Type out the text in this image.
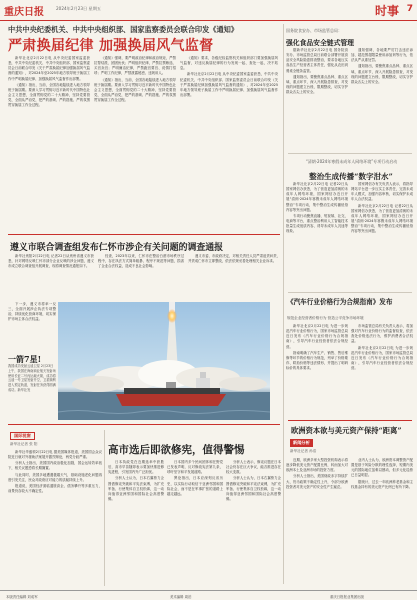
重庆日报	2024年2月23日 星期五	时事 7
中共中央纪委机关、中共中央组织部、国家监察委员会联合印发《通知》
严肃换届纪律 加强换届风气监督

新华社北京2月22日电 从中央纪委国家监委获悉，中共中央纪委机关、中共中央组织部、国家监察委员会日前联合印发《关于严肃换届纪律加强换届风气监督的通知》，对2024年至2025年地方领导班子换届工作中严明换届纪律、加强换届风气监督作出部署。

《通知》指出，当前，全国各地陆续进入地方领导班子换届期。要深入学习贯彻习近平新时代中国特色社会主义思想，全面贯彻党的二十大精神，坚持党要管党、全面从严治党，把严的基调、严的措施、严的氛围贯穿换届工作全过程。

《通知》强调，要严明政治纪律和政治规矩，严禁拉帮结派、团团伙伙；严明组织纪律，严禁拉票贿选、买官卖官；严明廉洁纪律，严禁跑官要官、说情打招呼；严明工作纪律，严禁泄露秘密、违规用人。

《通知》指出，当前，全国各地陆续进入地方领导班子换届期。要深入学习贯彻习近平新时代中国特色社会主义思想，全面贯彻党的二十大精神，坚持党要管党、全面从严治党，把严的基调、严的措施、严的氛围贯穿换届工作全过程。

《通知》要求，各级纪检监察机关和组织部门要加强换届风气监督，对违反换届纪律的行为发现一起、查处一起，决不姑息。

新华社北京2月22日电 从中央纪委国家监委获悉，中共中央纪委机关、中共中央组织部、国家监察委员会日前联合印发《关于严肃换届纪律加强换届风气监督的通知》，对2024年至2025年地方领导班子换届工作中严明换届纪律、加强换届风气监督作出部署。

国务院食安办、市场监管总局：
强化食品安全链式管理

据新华社北京2月22日电 国务院食安办、市场监管总局日前联合部署开展食品安全风险隐患排查整治，要求各地压实食品生产经营者主体责任，强化从农田到餐桌全链条监管。

通知指出，要聚焦重点品种、重点区域、重点环节，深入开展隐患排查，对发现的问题建立台账、限期整改，切实守护群众舌尖上的安全。

通知强调，各地要严厉打击违法添加、超范围超限量使用添加剂等行为，依法从严从重处罚。

通知指出，要聚焦重点品种、重点区域、重点环节，深入开展隐患排查，对发现的问题建立台账、限期整改，切实守护群众舌尖上的安全。

“清朗·2024年寒假未成年人网络环境”专项行动启动
整治生成传播“数字泔水”

新华社北京2月22日电 记者22日从国家网信办获悉，为了营造更加清朗的未成年人网络环境，国家网信办近日开展“清朗·2024年寒假未成年人网络环境整治”专项行动，集中整治生成传播低俗内容等突出问题。

专项行动聚焦直播、短视频、社交、电商等平台，重点整治利用人工智能技术批量生成低质内容、诱导未成年人沉迷等现象。

国家网信办有关负责人表示，将指导网站平台进一步压实主体责任，完善未成年人模式，加强内容审核，切实保护未成年人合法权益。

新华社北京2月22日电 记者22日从国家网信办获悉，为了营造更加清朗的未成年人网络环境，国家网信办近日开展“清朗·2024年寒假未成年人网络环境整治”专项行动，集中整治生成传播低俗内容等突出问题。

遵义市联合调查组发布仁怀市涉企有关问题的调查通报

新华社贵阳2月22日电 记者22日从贵州省遵义市获悉，针对网络反映仁怀市部分企业反映的涉企问题，遵义市成立联合调查组开展调查，现将调查情况通报如下。

经查，2023年以来，仁怀市在整治白酒市场秩序过程中，存在执法方式简单粗暴、程序不规范等问题，损害了企业合法权益，造成不良社会影响。

遵义市委、市政府决定，对相关责任人员严肃追责问责，并责成仁怀市立即整改，依法依规妥善处理相关企业诉求。

下一步，遵义市将举一反三，全面开展涉企执法专项整治，持续优化营商环境，切实保护市场主体合法权益。

《汽车行业价格行为合规指南》发布
规范企业经营者价格行为 营造公平竞争市场环境

新华社北京2月22日电 为进一步规范汽车行业价格行为，国家市场监管总局近日发布《汽车行业价格行为合规指南》，引导汽车行业经营者依法合规经营。

指南明确了汽车生产、销售、售后维修等环节的价格行为规范，列举了价格欺诈、哄抬价格等违法情形，并提出了明码标价的具体要求。

市场监管总局有关负责人表示，将加强对汽车行业价格行为的监督检查，依法查处价格违法行为，维护消费者合法权益。

新华社北京2月22日电 为进一步规范汽车行业价格行为，国家市场监管总局近日发布《汽车行业价格行为合规指南》，引导汽车行业经营者依法合规经营。

一箭7星!
我国成功发射云遥卫星 2月23日上午，我国在海南商业航天发射场使用长征二号丙运载火箭，成功将云遥一号卫星发射升空，卫星顺利进入预定轨道，发射任务获得圆满成功。新华社发
国际视窗
新华社记者 张 阳

新华社华盛顿2月22日电 据美国媒体报道，美国国会众议院近日就对外援助法案展开激烈辩论，两党分歧严重。

分析人士指出，美国国内政治极化加剧，国会运转效率低下，相关议题恐将长期搁置。

与此同时，美国多地遭遇极端天气，基础设施老化问题再度引发关注，民众对政府应对能力的质疑持续上升。

报道说，美国经济面临通胀高企、债务攀升等多重压力，前景仍存较大不确定性。

高市选后即欲修宪，值得警惕

日本执政党在近期选举中获胜后，高市早苗随即表示要加快推进修宪进程，引发国内外广泛担忧。

分析人士认为，日本右翼势力企图借修宪突破和平宪法束缚，为扩充军备、行使集体自卫权松绑，这一动向值得亚洲邻国和国际社会高度警惕。

日本国内多个民间团体和在野党已发表声明，反对修改宪法第九条，呼吁坚守和平发展道路。

舆论指出，日本应深刻反省历史，以实际行动取信于亚洲邻国和国际社会，而不是在军事扩张的道路上越走越远。

分析人士表示，修宪议题在日本社会仍存在巨大争议，能否推进存在较大变数。

分析人士认为，日本右翼势力企图借修宪突破和平宪法束缚，为扩充军备、行使集体自卫权松绑，这一动向值得亚洲邻国和国际社会高度警惕。

欧洲资本欲与美元资产保持“距离”
新闻分析
新华社记者 孙浩

近期，欧洲多家大型投资机构表示将逐步降低美元资产配置比例，转而加大对欧洲本土及亚洲市场的投资力度。

分析人士指出，美国财政赤字持续扩大、货币政策不确定性上升，令部分欧洲投资者对美元资产的安全性产生疑虑。

业内人士认为，欧洲资本调整资产配置是基于风险分散的理性选择，短期内美元的国际地位虽难以撼动，但多元化趋势已日益明显。

据统计，过去一年欧洲养老基金和主权基金持有的美元资产比例已有所下降。

本版责任编辑 刘成军	美术编辑 周泊	重庆日报报业集团出版
